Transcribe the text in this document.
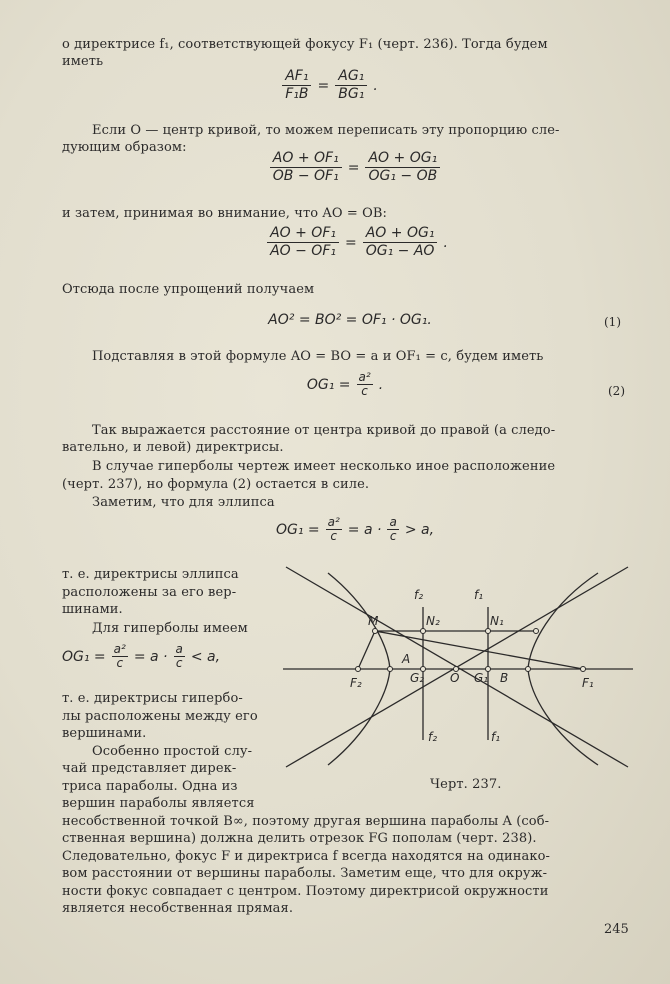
о директрисе f₁, соответствующей фокусу F₁ (черт. 236). Тогда будем
иметь
$\frac{\text{AF₁}}{\text{F₁B}} = \frac{\text{AG₁}}{\text{BG₁}}$ .
Если O — центр кривой, то можем переписать эту пропорцию сле-
дующим образом:
$\frac{\text{AO + OF₁}}{\text{OB − OF₁}} = \frac{\text{AO + OG₁}}{\text{OG₁ − OB}}$
и затем, принимая во внимание, что AO = OB:
$\frac{\text{AO + OF₁}}{\text{AO − OF₁}} = \frac{\text{AO + OG₁}}{\text{OG₁ − AO}}$ .
Отсюда после упрощений получаем
AO² = BO² = OF₁ · OG₁.	(1)
Подставляя в этой формуле AO = BO = a и OF₁ = c, будем иметь
$OG_1 = \frac{\text{a²}}{c}$ .	(2)
Так выражается расстояние от центра кривой до правой (а следо-
вательно, и левой) директрисы.
В случае гиперболы чертеж имеет несколько иное расположение
(черт. 237), но формула (2) остается в силе.
Заметим, что для эллипса
$OG_1 = \frac{\text{a²}}{c} = a \cdot a$
c > a,
т. е. директрисы эллипса
расположены за его вер-
шинами.
Для гиперболы имеем
$OG_1 = \frac{\text{a²}}{c} = a \cdot a$
c < a,
т. е. директрисы гипербо-
лы расположены между его
вершинами.
Особенно простой слу-
чай представляет дирек-
триса параболы. Одна из
вершин параболы является
f₂	f₁
M	N₂	N₁
A
F₂	G₂ O G₁ B	F₁
f₂	f₁
Черт. 237.
несобственной точкой B∞, поэтому другая вершина параболы A (соб-
ственная вершина) должна делить отрезок FG пополам (черт. 238).
Следовательно, фокус F и директриса f всегда находятся на одинако-
вом расстоянии от вершины параболы. Заметим еще, что для окруж-
ности фокус совпадает с центром. Поэтому директрисой окружности
является несобственная прямая.
245
